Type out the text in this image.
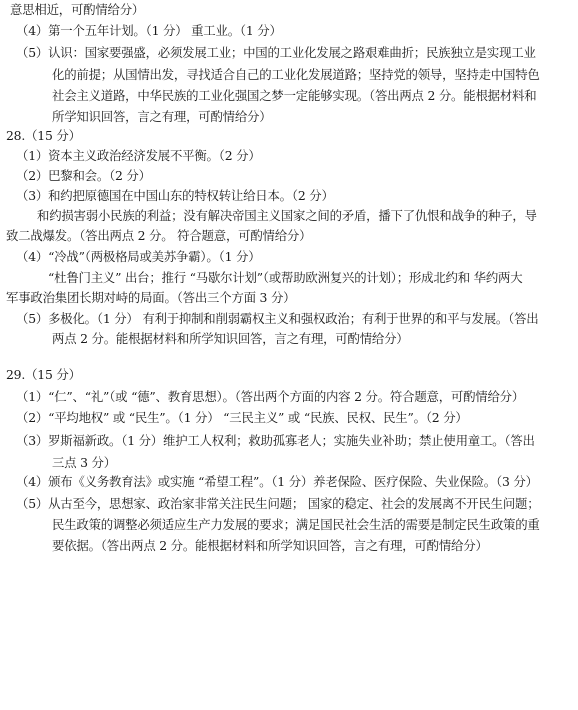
意思相近，可酌情给分）
（4）第一个五年计划。（1 分） 重工业。（1 分）
（5）认识：国家要强盛，必须发展工业；中国的工业化发展之路艰难曲折；民族独立是实现工业
化的前提；从国情出发，寻找适合自己的工业化发展道路；坚持党的领导，坚持走中国特色
社会主义道路，中华民族的工业化强国之梦一定能够实现。（答出两点 2 分。能根据材料和
所学知识回答，言之有理，可酌情给分）
28.（15 分）
（1）资本主义政治经济发展不平衡。（2 分）
（2）巴黎和会。（2 分）
（3）和约把原德国在中国山东的特权转让给日本。（2 分）
和约损害弱小民族的利益；没有解决帝国主义国家之间的矛盾，播下了仇恨和战争的种子，导
致二战爆发。（答出两点 2 分。 符合题意，可酌情给分）
（4）“冷战”（两极格局或美苏争霸）。（1 分）
“杜鲁门主义” 出台；推行 “马歇尔计划”（或帮助欧洲复兴的计划）；形成北约和 华约两大
军事政治集团长期对峙的局面。（答出三个方面 3 分）
（5）多极化。（1 分） 有利于抑制和削弱霸权主义和强权政治；有利于世界的和平与发展。（答出
两点 2 分。能根据材料和所学知识回答，言之有理，可酌情给分）
29.（15 分）
（1）“仁”、“礼”（或 “德”、教育思想）。（答出两个方面的内容 2 分。符合题意，可酌情给分）
（2）“平均地权” 或 “民生”。（1 分） “三民主义” 或 “民族、民权、民生”。（2 分）
（3）罗斯福新政。（1 分）维护工人权利；救助孤寡老人；实施失业补助；禁止使用童工。（答出
三点 3 分）
（4）颁布《义务教育法》或实施 “希望工程”。（1 分）养老保险、医疗保险、失业保险。（3 分）
（5）从古至今，思想家、政治家非常关注民生问题； 国家的稳定、社会的发展离不开民生问题；
民生政策的调整必须适应生产力发展的要求；满足国民社会生活的需要是制定民生政策的重
要依据。（答出两点 2 分。能根据材料和所学知识回答，言之有理，可酌情给分）
